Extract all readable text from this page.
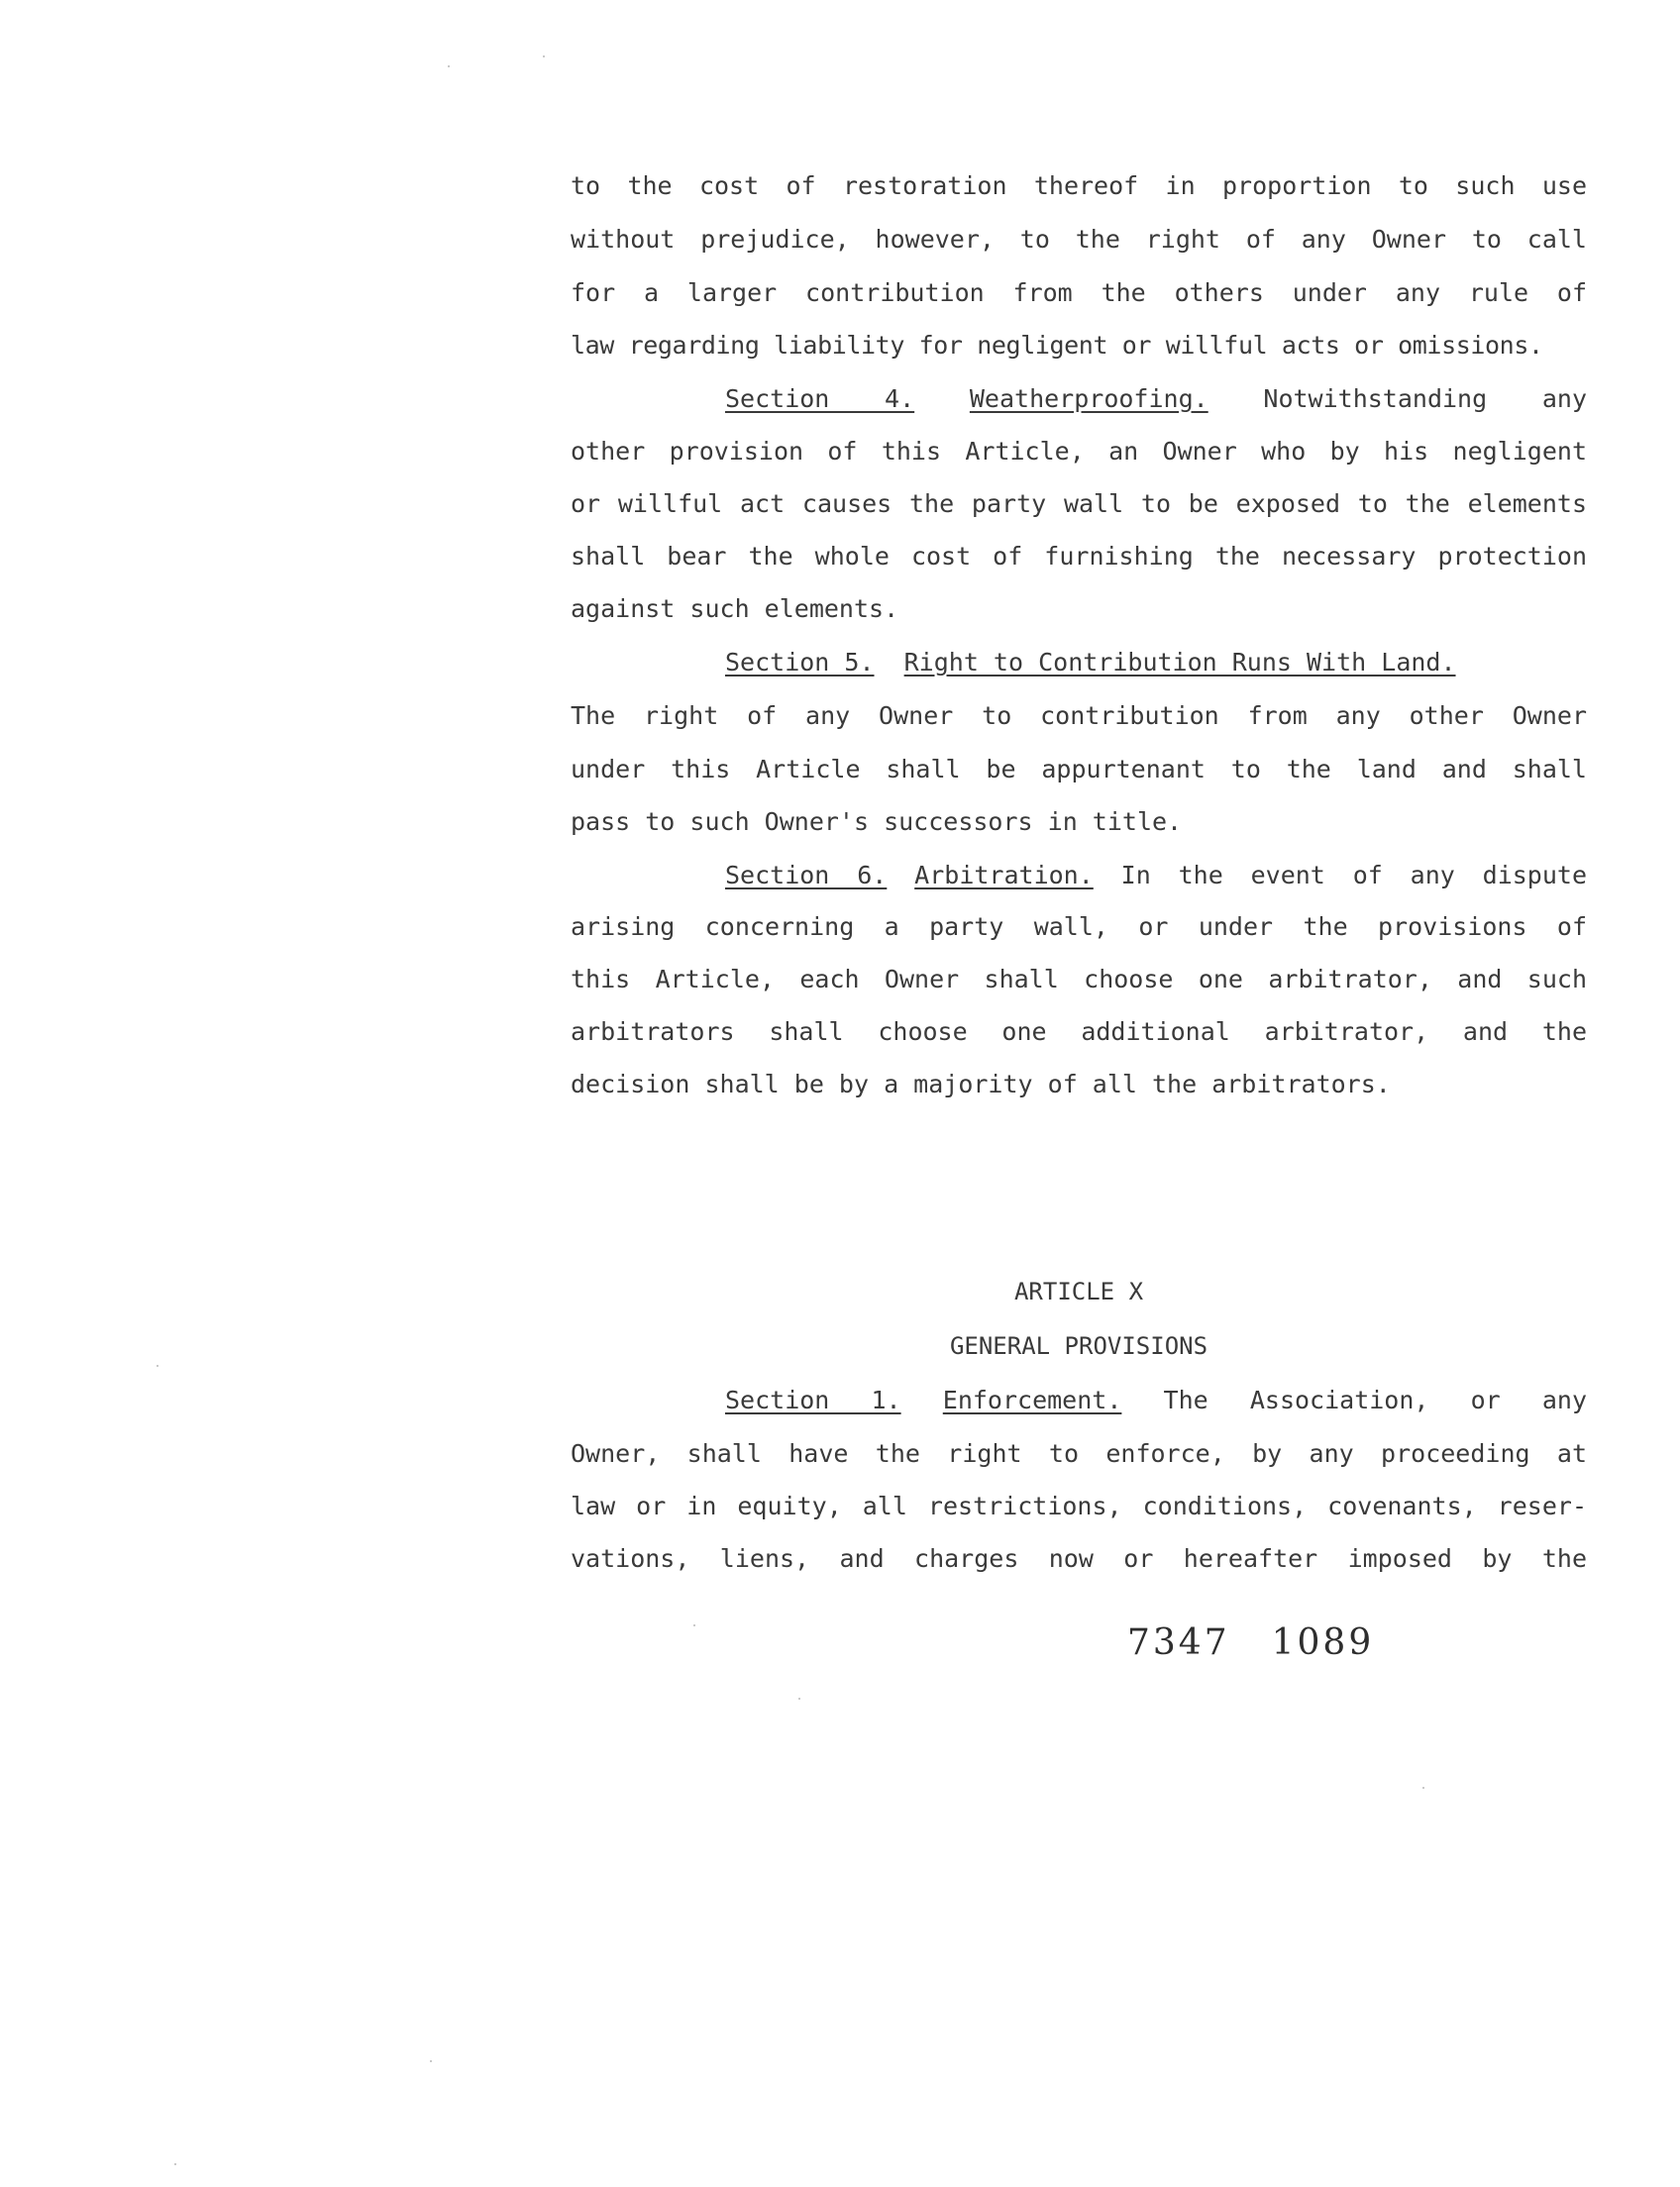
to the cost of restoration thereof in proportion to such use
without prejudice, however, to the right of any Owner to call
for a larger contribution from the others under any rule of
law regarding liability for negligent or willful acts or omissions.
Section 4. Weatherproofing. Notwithstanding any
other provision of this Article, an Owner who by his negligent
or willful act causes the party wall to be exposed to the elements
shall bear the whole cost of furnishing the necessary protection
against such elements.
Section 5. Right to Contribution Runs With Land.
The right of any Owner to contribution from any other Owner
under this Article shall be appurtenant to the land and shall
pass to such Owner's successors in title.
Section 6. Arbitration. In the event of any dispute
arising concerning a party wall, or under the provisions of
this Article, each Owner shall choose one arbitrator, and such
arbitrators shall choose one additional arbitrator, and the
decision shall be by a majority of all the arbitrators.
ARTICLE X
GENERAL PROVISIONS
Section 1. Enforcement. The Association, or any
Owner, shall have the right to enforce, by any proceeding at
law or in equity, all restrictions, conditions, covenants, reser-
vations, liens, and charges now or hereafter imposed by the
7347 1089
